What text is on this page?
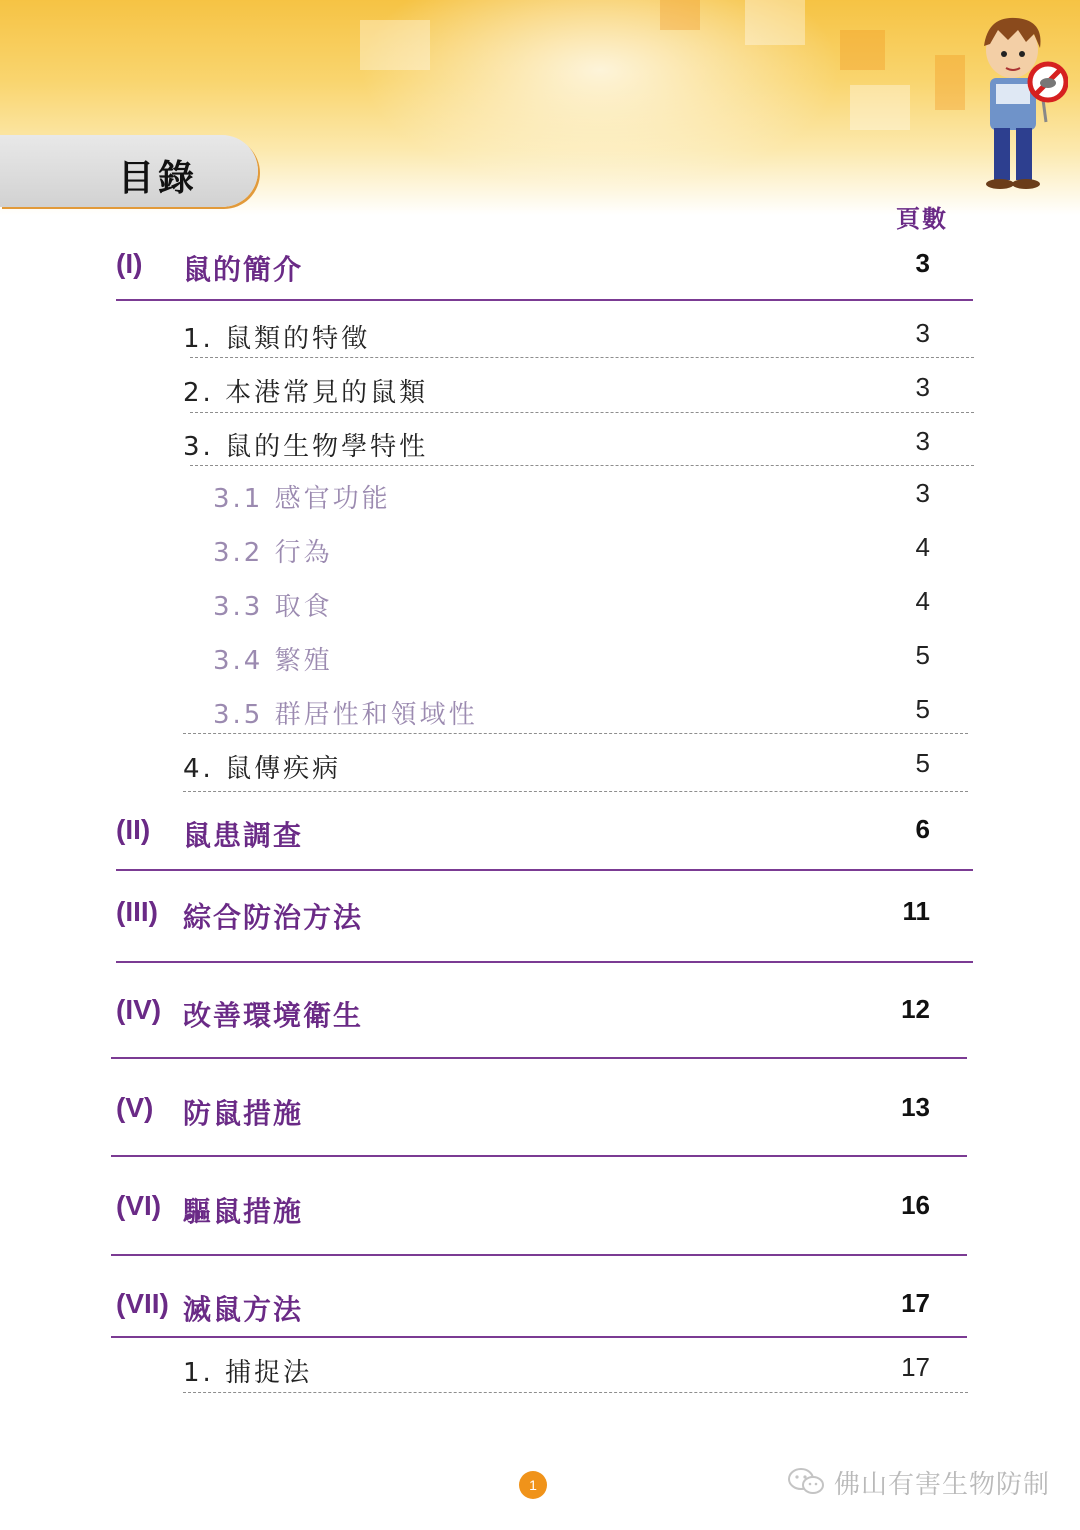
目錄
頁數
(I) 鼠的簡介	3
1. 鼠類的特徵	3
2. 本港常見的鼠類	3
3. 鼠的生物學特性	3
3.1 感官功能	3
3.2 行為	4
3.3 取食	4
3.4 繁殖	5
3.5 群居性和領域性	5
4. 鼠傳疾病	5
(II) 鼠患調查	6
(III) 綜合防治方法	11
(IV) 改善環境衛生	12
(V) 防鼠措施	13
(VI) 驅鼠措施	16
(VII) 滅鼠方法	17
1. 捕捉法	17
1	佛山有害生物防制
